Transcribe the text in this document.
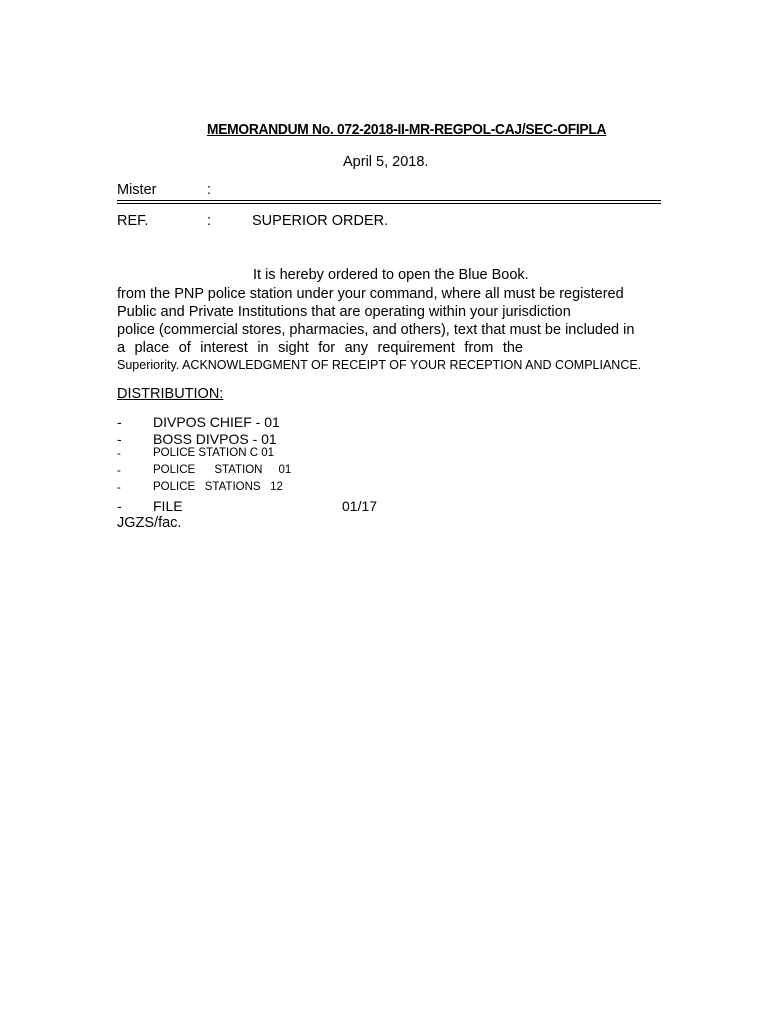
MEMORANDUM No. 072-2018-II-MR-REGPOL-CAJ/SEC-OFIPLA
April 5, 2018.
Mister	:
REF.	:	SUPERIOR ORDER.
It is hereby ordered to open the Blue Book.
from the PNP police station under your command, where all must be registered
Public and Private Institutions that are operating within your jurisdiction
police (commercial stores, pharmacies, and others), text that must be included in
a place of interest in sight for any requirement from the
Superiority. ACKNOWLEDGMENT OF RECEIPT OF YOUR RECEPTION AND COMPLIANCE.
DISTRIBUTION:
- DIVPOS CHIEF - 01
- BOSS DIVPOS - 01
-	POLICE STATION C 01
-	POLICE      STATION     01
-	POLICE   STATIONS   12
- FILE	01/17
JGZS/fac.
